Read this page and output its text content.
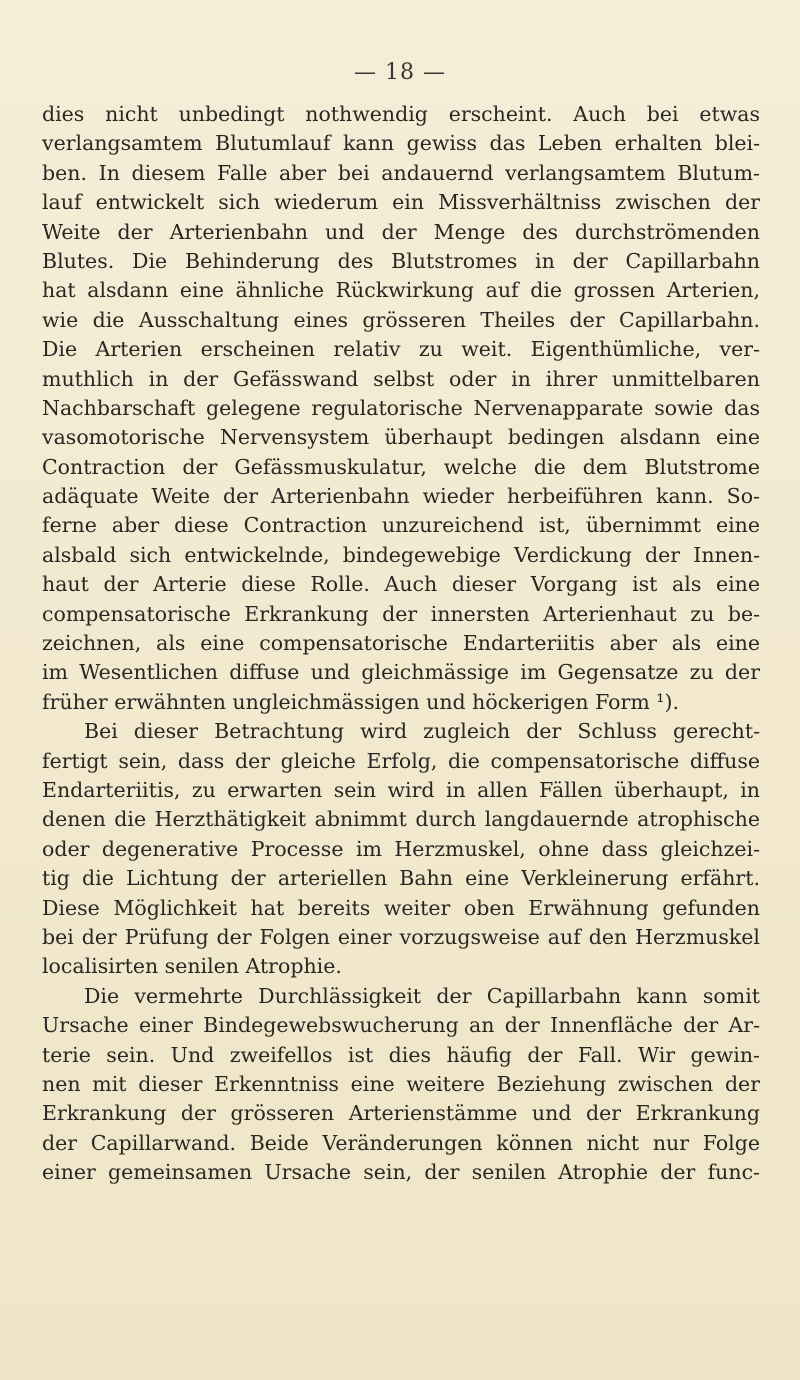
— 18 —
dies nicht unbedingt nothwendig erscheint. Auch bei etwas
verlangsamtem Blutumlauf kann gewiss das Leben erhalten blei-
ben. In diesem Falle aber bei andauernd verlangsamtem Blutum-
lauf entwickelt sich wiederum ein Missverhältniss zwischen der
Weite der Arterienbahn und der Menge des durchströmenden
Blutes. Die Behinderung des Blutstromes in der Capillarbahn
hat alsdann eine ähnliche Rückwirkung auf die grossen Arterien,
wie die Ausschaltung eines grösseren Theiles der Capillarbahn.
Die Arterien erscheinen relativ zu weit. Eigenthümliche, ver-
muthlich in der Gefässwand selbst oder in ihrer unmittelbaren
Nachbarschaft gelegene regulatorische Nervenapparate sowie das
vasomotorische Nervensystem überhaupt bedingen alsdann eine
Contraction der Gefässmuskulatur, welche die dem Blutstrome
adäquate Weite der Arterienbahn wieder herbeiführen kann. So-
ferne aber diese Contraction unzureichend ist, übernimmt eine
alsbald sich entwickelnde, bindegewebige Verdickung der Innen-
haut der Arterie diese Rolle. Auch dieser Vorgang ist als eine
compensatorische Erkrankung der innersten Arterienhaut zu be-
zeichnen, als eine compensatorische Endarteriitis aber als eine
im Wesentlichen diffuse und gleichmässige im Gegensatze zu der
früher erwähnten ungleichmässigen und höckerigen Form ¹).
Bei dieser Betrachtung wird zugleich der Schluss gerecht-
fertigt sein, dass der gleiche Erfolg, die compensatorische diffuse
Endarteriitis, zu erwarten sein wird in allen Fällen überhaupt, in
denen die Herzthätigkeit abnimmt durch langdauernde atrophische
oder degenerative Processe im Herzmuskel, ohne dass gleichzei-
tig die Lichtung der arteriellen Bahn eine Verkleinerung erfährt.
Diese Möglichkeit hat bereits weiter oben Erwähnung gefunden
bei der Prüfung der Folgen einer vorzugsweise auf den Herzmuskel
localisirten senilen Atrophie.
Die vermehrte Durchlässigkeit der Capillarbahn kann somit
Ursache einer Bindegewebswucherung an der Innenfläche der Ar-
terie sein. Und zweifellos ist dies häufig der Fall. Wir gewin-
nen mit dieser Erkenntniss eine weitere Beziehung zwischen der
Erkrankung der grösseren Arterienstämme und der Erkrankung
der Capillarwand. Beide Veränderungen können nicht nur Folge
einer gemeinsamen Ursache sein, der senilen Atrophie der func-
